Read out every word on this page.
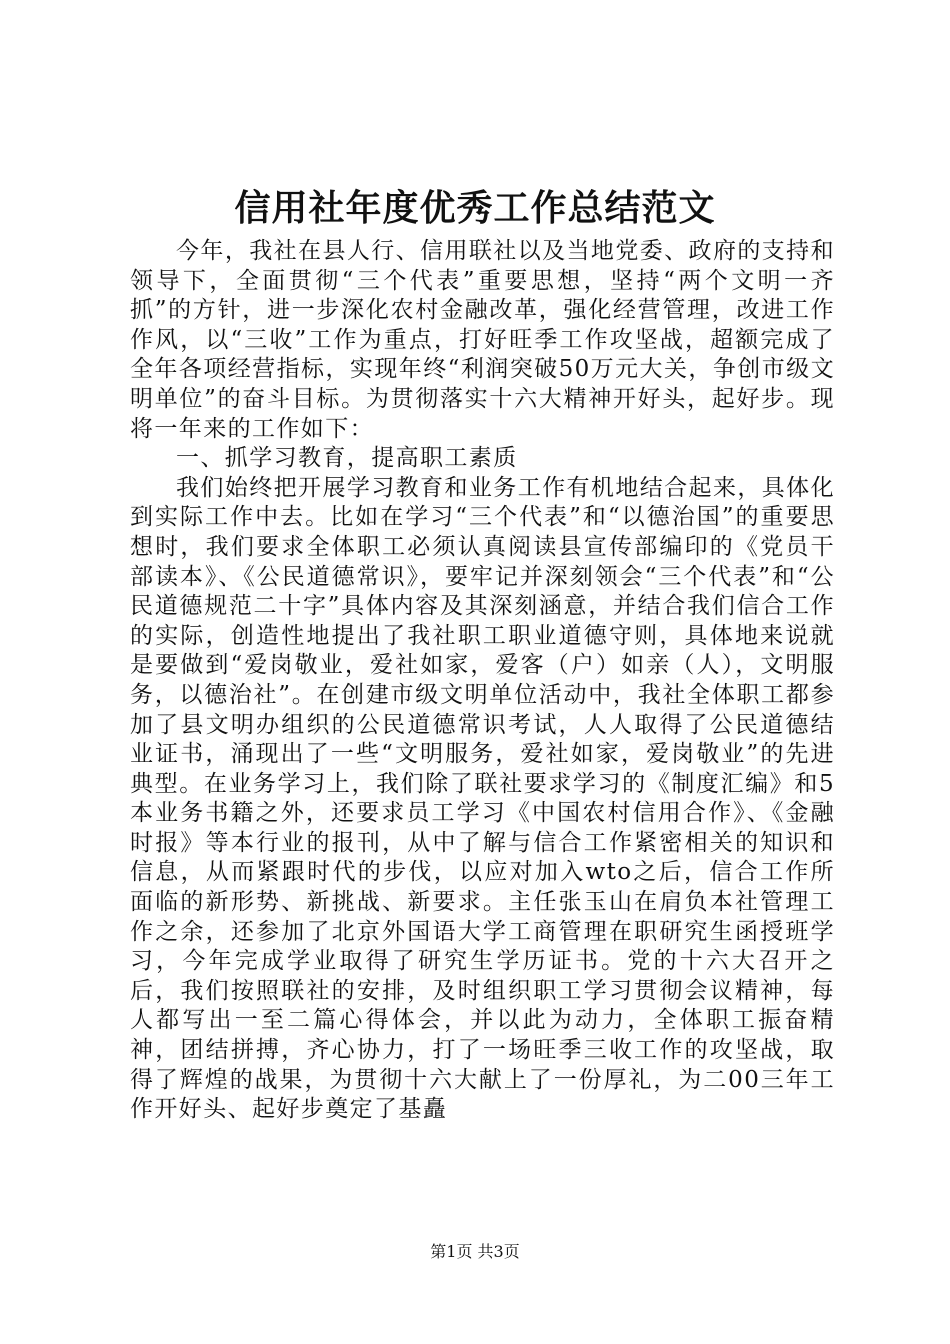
信用社年度优秀工作总结范文

今年，我社在县人行、信用联社以及当地党委、政府的支持和领导下，全面贯彻“三个代表”重要思想，坚持“两个文明一齐抓”的方针，进一步深化农村金融改革，强化经营管理，改进工作作风，以“三收”工作为重点，打好旺季工作攻坚战，超额完成了全年各项经营指标，实现年终“利润突破50万元大关，争创市级文明单位”的奋斗目标。为贯彻落实十六大精神开好头，起好步。现将一年来的工作如下：

一、抓学习教育，提高职工素质

我们始终把开展学习教育和业务工作有机地结合起来，具体化到实际工作中去。比如在学习“三个代表”和“以德治国”的重要思想时，我们要求全体职工必须认真阅读县宣传部编印的《党员干部读本》、《公民道德常识》，要牢记并深刻领会“三个代表”和“公民道德规范二十字”具体内容及其深刻涵意，并结合我们信合工作的实际，创造性地提出了我社职工职业道德守则，具体地来说就是要做到“爱岗敬业，爱社如家，爱客（户）如亲（人），文明服务，以德治社”。在创建市级文明单位活动中，我社全体职工都参加了县文明办组织的公民道德常识考试，人人取得了公民道德结业证书，涌现出了一些“文明服务，爱社如家，爱岗敬业”的先进典型。在业务学习上，我们除了联社要求学习的《制度汇编》和5本业务书籍之外，还要求员工学习《中国农村信用合作》、《金融时报》等本行业的报刊，从中了解与信合工作紧密相关的知识和信息，从而紧跟时代的步伐，以应对加入wto之后，信合工作所面临的新形势、新挑战、新要求。主任张玉山在肩负本社管理工作之余，还参加了北京外国语大学工商管理在职研究生函授班学习，今年完成学业取得了研究生学历证书。党的十六大召开之后，我们按照联社的安排，及时组织职工学习贯彻会议精神，每人都写出一至二篇心得体会，并以此为动力，全体职工振奋精神，团结拼搏，齐心协力，打了一场旺季三收工作的攻坚战，取得了辉煌的战果，为贯彻十六大献上了一份厚礼，为二00三年工作开好头、起好步奠定了基矗

第1页 共3页
